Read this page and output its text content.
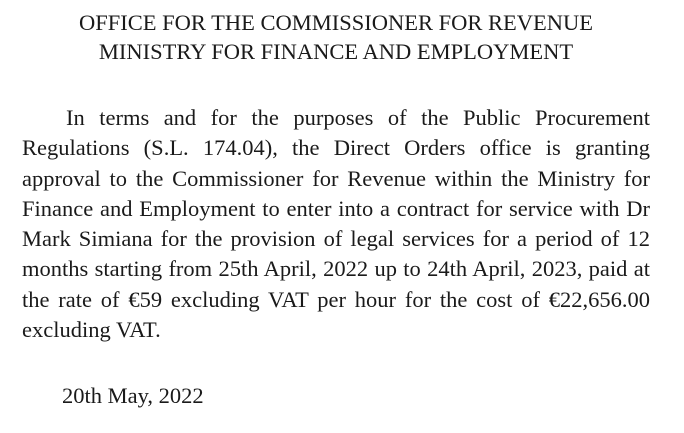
OFFICE FOR THE COMMISSIONER FOR REVENUE
MINISTRY FOR FINANCE AND EMPLOYMENT

In terms and for the purposes of the Public Procurement Regulations (S.L. 174.04), the Direct Orders office is granting approval to the Commissioner for Revenue within the Ministry for Finance and Employment to enter into a contract for service with Dr Mark Simiana for the provision of legal services for a period of 12 months starting from 25th April, 2022 up to 24th April, 2023, paid at the rate of €59 excluding VAT per hour for the cost of €22,656.00 excluding VAT.

20th May, 2022
